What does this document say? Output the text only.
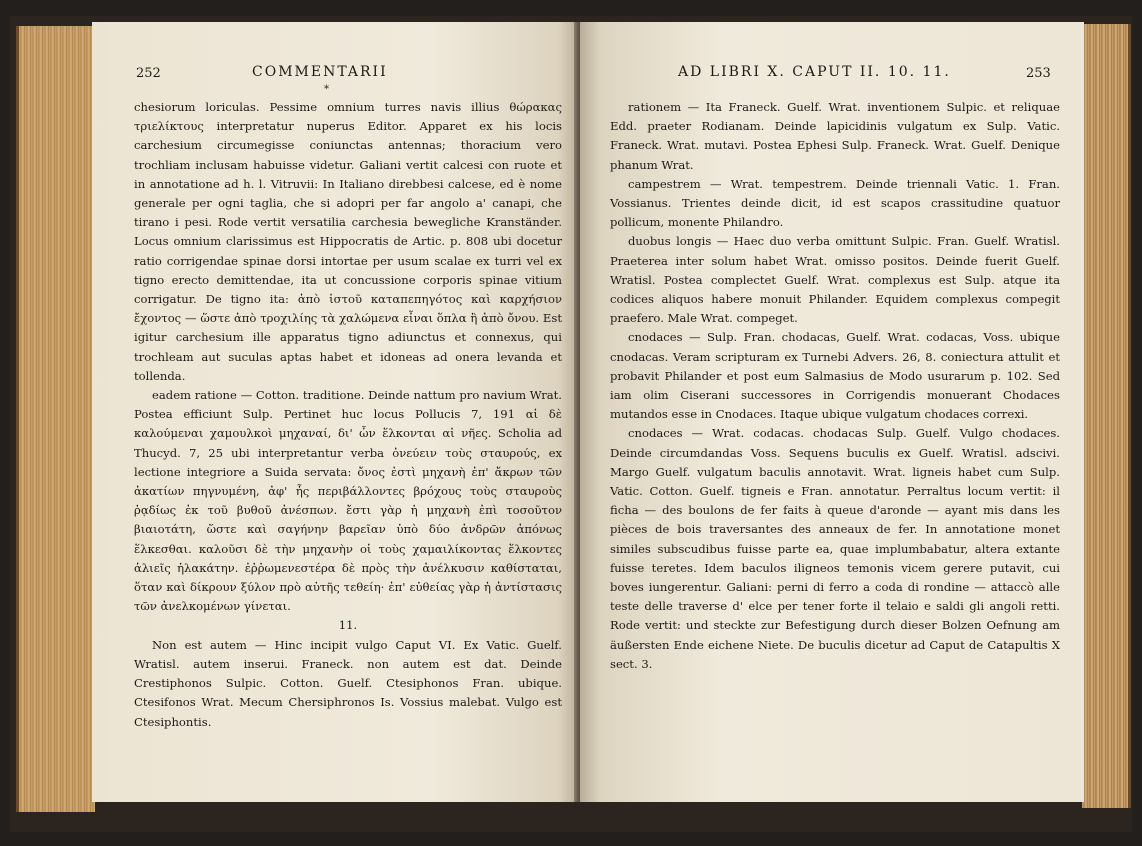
252	COMMENTARII
*

chesiorum loriculas. Pessime omnium turres navis illius θώρακας τριελίκτους interpretatur nuperus Editor. Apparet ex his locis carchesium circumegisse coniunctas antennas; thoracium vero trochliam inclusam habuisse videtur. Galiani vertit calcesi con ruote et in annotatione ad h. l. Vitruvii: In Italiano direbbesi calcese, ed è nome generale per ogni taglia, che si adopri per far angolo a' canapi, che tirano i pesi. Rode vertit versatilia carchesia bewegliche Kranständer. Locus omnium clarissimus est Hippocratis de Artic. p. 808 ubi docetur ratio corrigendae spinae dorsi intortae per usum scalae ex turri vel ex tigno erecto demittendae, ita ut concussione corporis spinae vitium corrigatur. De tigno ita: ἀπὸ ἱστοῦ καταπεπηγότος καὶ καρχήσιον ἔχοντος — ὥστε ἀπὸ τροχιλίης τὰ χαλώμενα εἶναι ὅπλα ἢ ἀπὸ ὄνου. Est igitur carchesium ille apparatus tigno adiunctus et connexus, qui trochleam aut suculas aptas habet et idoneas ad onera levanda et tollenda.

eadem ratione — Cotton. traditione. Deinde nattum pro navium Wrat. Postea efficiunt Sulp. Pertinet huc locus Pollucis 7, 191 αἱ δὲ καλούμεναι χαμουλκοὶ μηχαναί, δι' ὧν ἕλκονται αἱ νῆες. Scholia ad Thucyd. 7, 25 ubi interpretantur verba ὀνεύειν τοὺς σταυρούς, ex lectione integriore a Suida servata: ὄνος ἐστὶ μηχανὴ ἐπ' ἄκρων τῶν ἀκατίων πηγνυμένη, ἀφ' ἧς περιβάλλοντες βρόχους τοὺς σταυροὺς ῥᾳδίως ἐκ τοῦ βυθοῦ ἀνέσπων. ἔστι γὰρ ἡ μηχανὴ ἐπὶ τοσοῦτον βιαιοτάτη, ὥστε καὶ σαγήνην βαρεῖαν ὑπὸ δύο ἀνδρῶν ἀπόνως ἕλκεσθαι. καλοῦσι δὲ τὴν μηχανὴν οἱ τοὺς χαμαιλίκοντας ἕλκοντες ἁλιεῖς ἠλακάτην. ἐῤῥωμενεστέρα δὲ πρὸς τὴν ἀνέλκυσιν καθίσταται, ὅταν καὶ δίκρουν ξύλον πρὸ αὐτῆς τεθείη· ἐπ' εὐθείας γὰρ ἡ ἀντίστασις τῶν ἀνελκομένων γίνεται.

11.

Non est autem — Hinc incipit vulgo Caput VI. Ex Vatic. Guelf. Wratisl. autem inserui. Franeck. non autem est dat. Deinde Crestiphonos Sulpic. Cotton. Guelf. Ctesiphonos Fran. ubique. Ctesifonos Wrat. Mecum Chersiphronos Is. Vossius malebat. Vulgo est Ctesiphontis.

AD LIBRI X. CAPUT II. 10. 11.	253

rationem — Ita Franeck. Guelf. Wrat. inventionem Sulpic. et reliquae Edd. praeter Rodianam. Deinde lapicidinis vulgatum ex Sulp. Vatic. Franeck. Wrat. mutavi. Postea Ephesi Sulp. Franeck. Wrat. Guelf. Denique phanum Wrat.

campestrem — Wrat. tempestrem. Deinde triennali Vatic. 1. Fran. Vossianus. Trientes deinde dicit, id est scapos crassitudine quatuor pollicum, monente Philandro.

duobus longis — Haec duo verba omittunt Sulpic. Fran. Guelf. Wratisl. Praeterea inter solum habet Wrat. omisso positos. Deinde fuerit Guelf. Wratisl. Postea complectet Guelf. Wrat. complexus est Sulp. atque ita codices aliquos habere monuit Philander. Equidem complexus compegit praefero. Male Wrat. compeget.

cnodaces — Sulp. Fran. chodacas, Guelf. Wrat. codacas, Voss. ubique cnodacas. Veram scripturam ex Turnebi Advers. 26, 8. coniectura attulit et probavit Philander et post eum Salmasius de Modo usurarum p. 102. Sed iam olim Ciserani successores in Corrigendis monuerant Chodaces mutandos esse in Cnodaces. Itaque ubique vulgatum chodaces correxi.

cnodaces — Wrat. codacas. chodacas Sulp. Guelf. Vulgo chodaces. Deinde circumdandas Voss. Sequens buculis ex Guelf. Wratisl. adscivi. Margo Guelf. vulgatum baculis annotavit. Wrat. ligneis habet cum Sulp. Vatic. Cotton. Guelf. tigneis e Fran. annotatur. Perraltus locum vertit: il ficha — des boulons de fer faits à queue d'aronde — ayant mis dans les pièces de bois traversantes des anneaux de fer. In annotatione monet similes subscudibus fuisse parte ea, quae implumbabatur, altera extante fuisse teretes. Idem baculos iligneos temonis vicem gerere putavit, cui boves iungerentur. Galiani: perni di ferro a coda di rondine — attaccò alle teste delle traverse d' elce per tener forte il telaio e saldi gli angoli retti. Rode vertit: und steckte zur Befestigung durch dieser Bolzen Oefnung am äußersten Ende eichene Niete. De buculis dicetur ad Caput de Catapultis X sect. 3.
